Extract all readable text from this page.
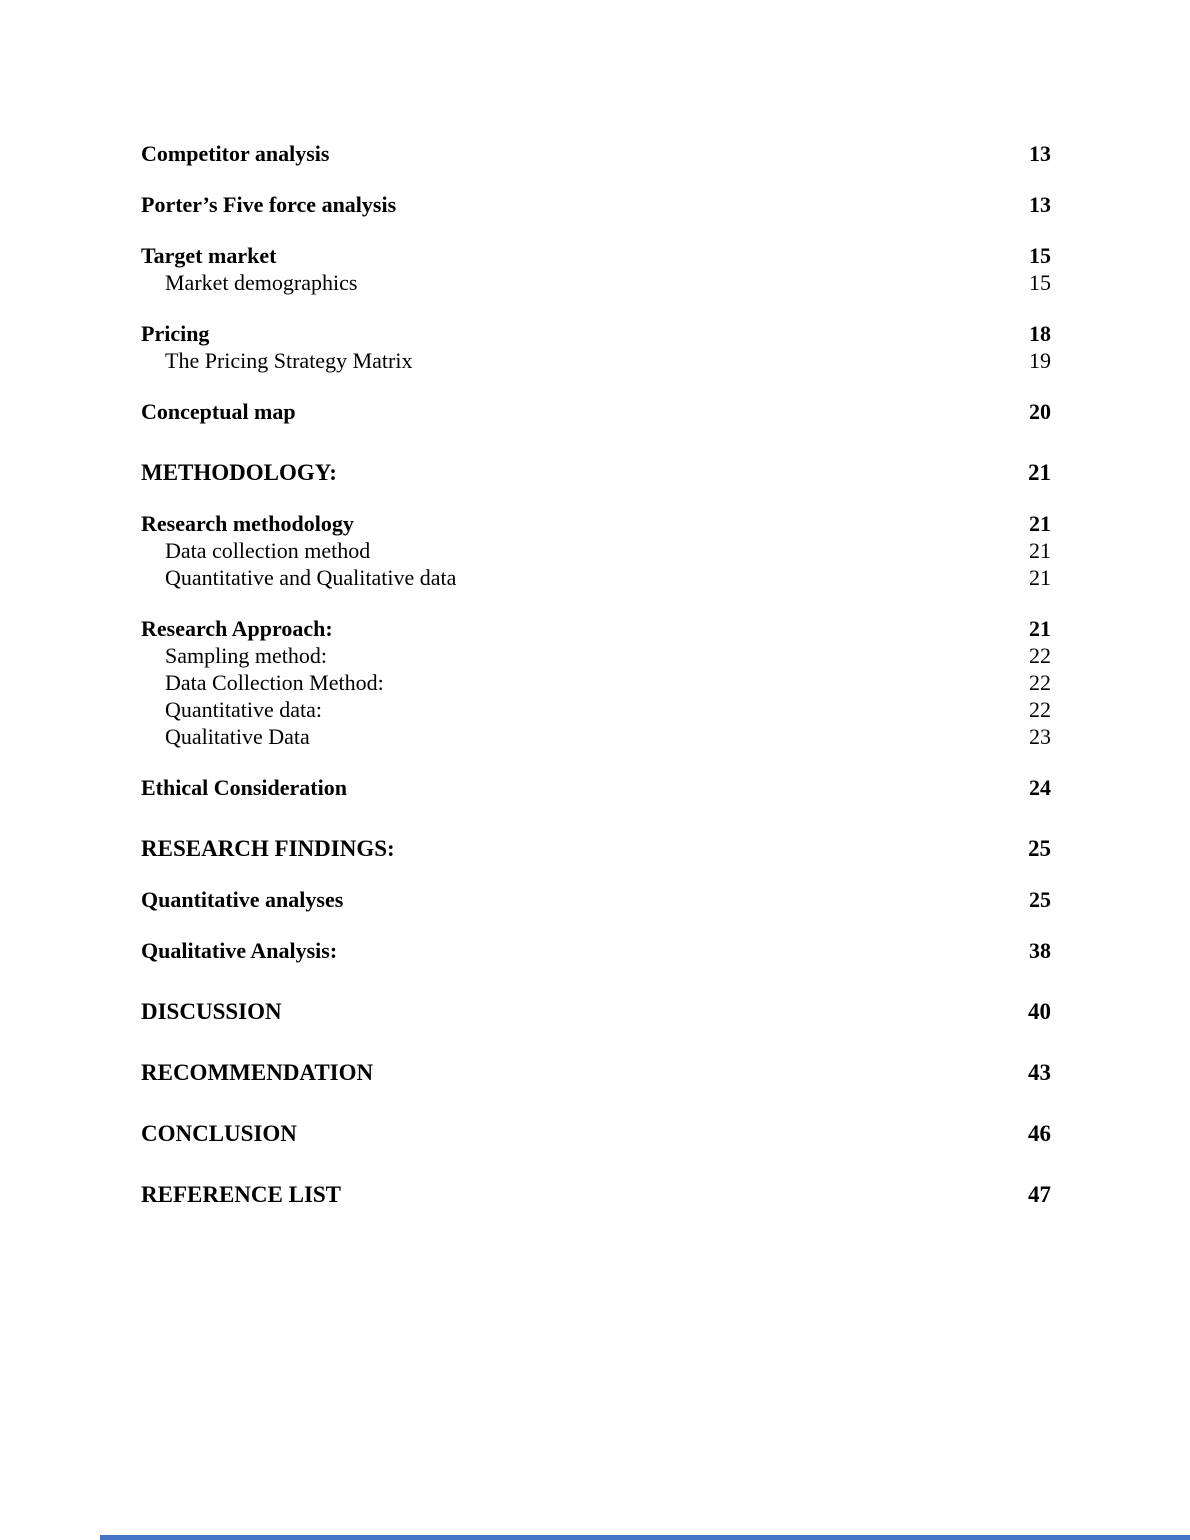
Competitor analysis	13
Porter’s Five force analysis	13
Target market	15
Market demographics	15
Pricing	18
The Pricing Strategy Matrix	19
Conceptual map	20
METHODOLOGY:	21
Research methodology	21
Data collection method	21
Quantitative and Qualitative data	21
Research Approach:	21
Sampling method:	22
Data Collection Method:	22
Quantitative data:	22
Qualitative Data	23
Ethical Consideration	24
RESEARCH FINDINGS:	25
Quantitative analyses	25
Qualitative Analysis:	38
DISCUSSION	40
RECOMMENDATION	43
CONCLUSION	46
REFERENCE LIST	47
